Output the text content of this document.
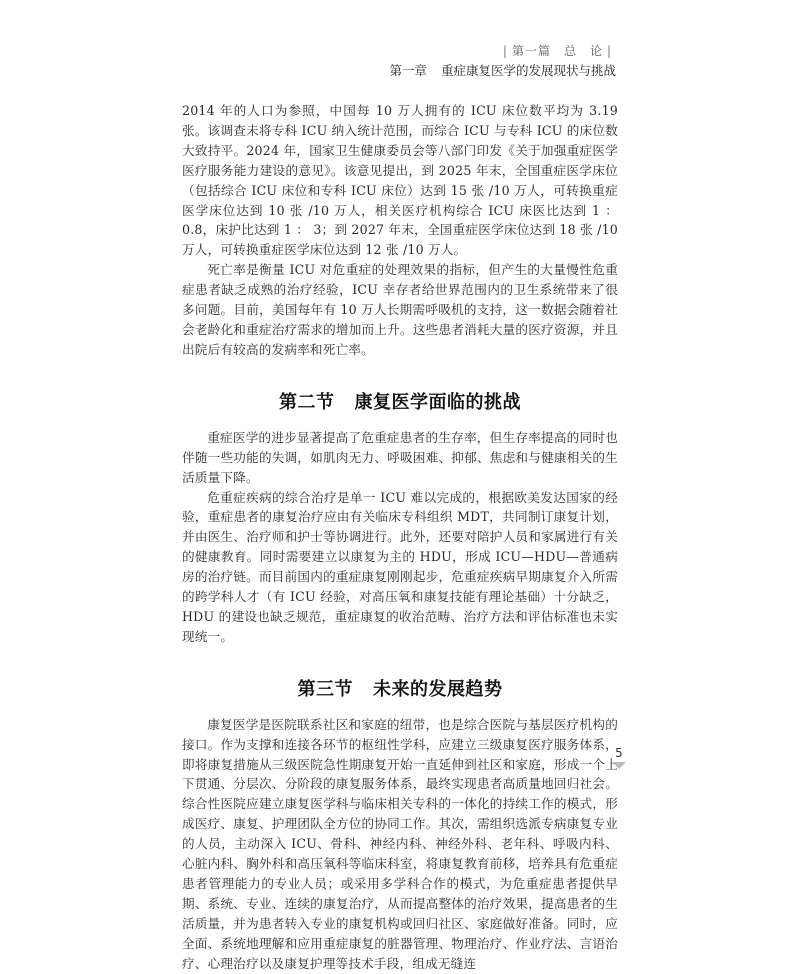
| 第一篇　总　论 |
第一章 重症康复医学的发展现状与挑战

2014 年的人口为参照，中国每 10 万人拥有的 ICU 床位数平均为 3.19 张。该调查未将专科 ICU 纳入统计范围，而综合 ICU 与专科 ICU 的床位数大致持平。2024 年，国家卫生健康委员会等八部门印发《关于加强重症医学医疗服务能力建设的意见》。该意见提出，到 2025 年末，全国重症医学床位（包括综合 ICU 床位和专科 ICU 床位）达到 15 张 /10 万人，可转换重症医学床位达到 10 张 /10 万人，相关医疗机构综合 ICU 床医比达到 1 ： 0.8，床护比达到 1 ： 3；到 2027 年末，全国重症医学床位达到 18 张 /10 万人，可转换重症医学床位达到 12 张 /10 万人。

死亡率是衡量 ICU 对危重症的处理效果的指标，但产生的大量慢性危重症患者缺乏成熟的治疗经验，ICU 幸存者给世界范围内的卫生系统带来了很多问题。目前，美国每年有 10 万人长期需呼吸机的支持，这一数据会随着社会老龄化和重症治疗需求的增加而上升。这些患者消耗大量的医疗资源，并且出院后有较高的发病率和死亡率。

第二节 康复医学面临的挑战

重症医学的进步显著提高了危重症患者的生存率，但生存率提高的同时也伴随一些功能的失调，如肌肉无力、呼吸困难、抑郁、焦虑和与健康相关的生活质量下降。

危重症疾病的综合治疗是单一 ICU 难以完成的，根据欧美发达国家的经验，重症患者的康复治疗应由有关临床专科组织 MDT，共同制订康复计划，并由医生、治疗师和护士等协调进行。此外，还要对陪护人员和家属进行有关的健康教育。同时需要建立以康复为主的 HDU，形成 ICU—HDU—普通病房的治疗链。而目前国内的重症康复刚刚起步，危重症疾病早期康复介入所需的跨学科人才（有 ICU 经验，对高压氧和康复技能有理论基础）十分缺乏，HDU 的建设也缺乏规范，重症康复的收治范畴、治疗方法和评估标准也未实现统一。

第三节 未来的发展趋势

康复医学是医院联系社区和家庭的纽带，也是综合医院与基层医疗机构的接口。作为支撑和连接各环节的枢纽性学科，应建立三级康复医疗服务体系，即将康复措施从三级医院急性期康复开始一直延伸到社区和家庭，形成一个上下贯通、分层次、分阶段的康复服务体系，最终实现患者高质量地回归社会。综合性医院应建立康复医学科与临床相关专科的一体化的持续工作的模式，形成医疗、康复、护理团队全方位的协同工作。其次，需组织选派专病康复专业的人员，主动深入 ICU、骨科、神经内科、神经外科、老年科、呼吸内科、心脏内科、胸外科和高压氧科等临床科室，将康复教育前移，培养具有危重症患者管理能力的专业人员；或采用多学科合作的模式，为危重症患者提供早期、系统、专业、连续的康复治疗，从而提高整体的治疗效果，提高患者的生活质量，并为患者转入专业的康复机构或回归社区、家庭做好准备。同时，应全面、系统地理解和应用重症康复的脏器管理、物理治疗、作业疗法、言语治疗、心理治疗以及康复护理等技术手段，组成无缝连

5
